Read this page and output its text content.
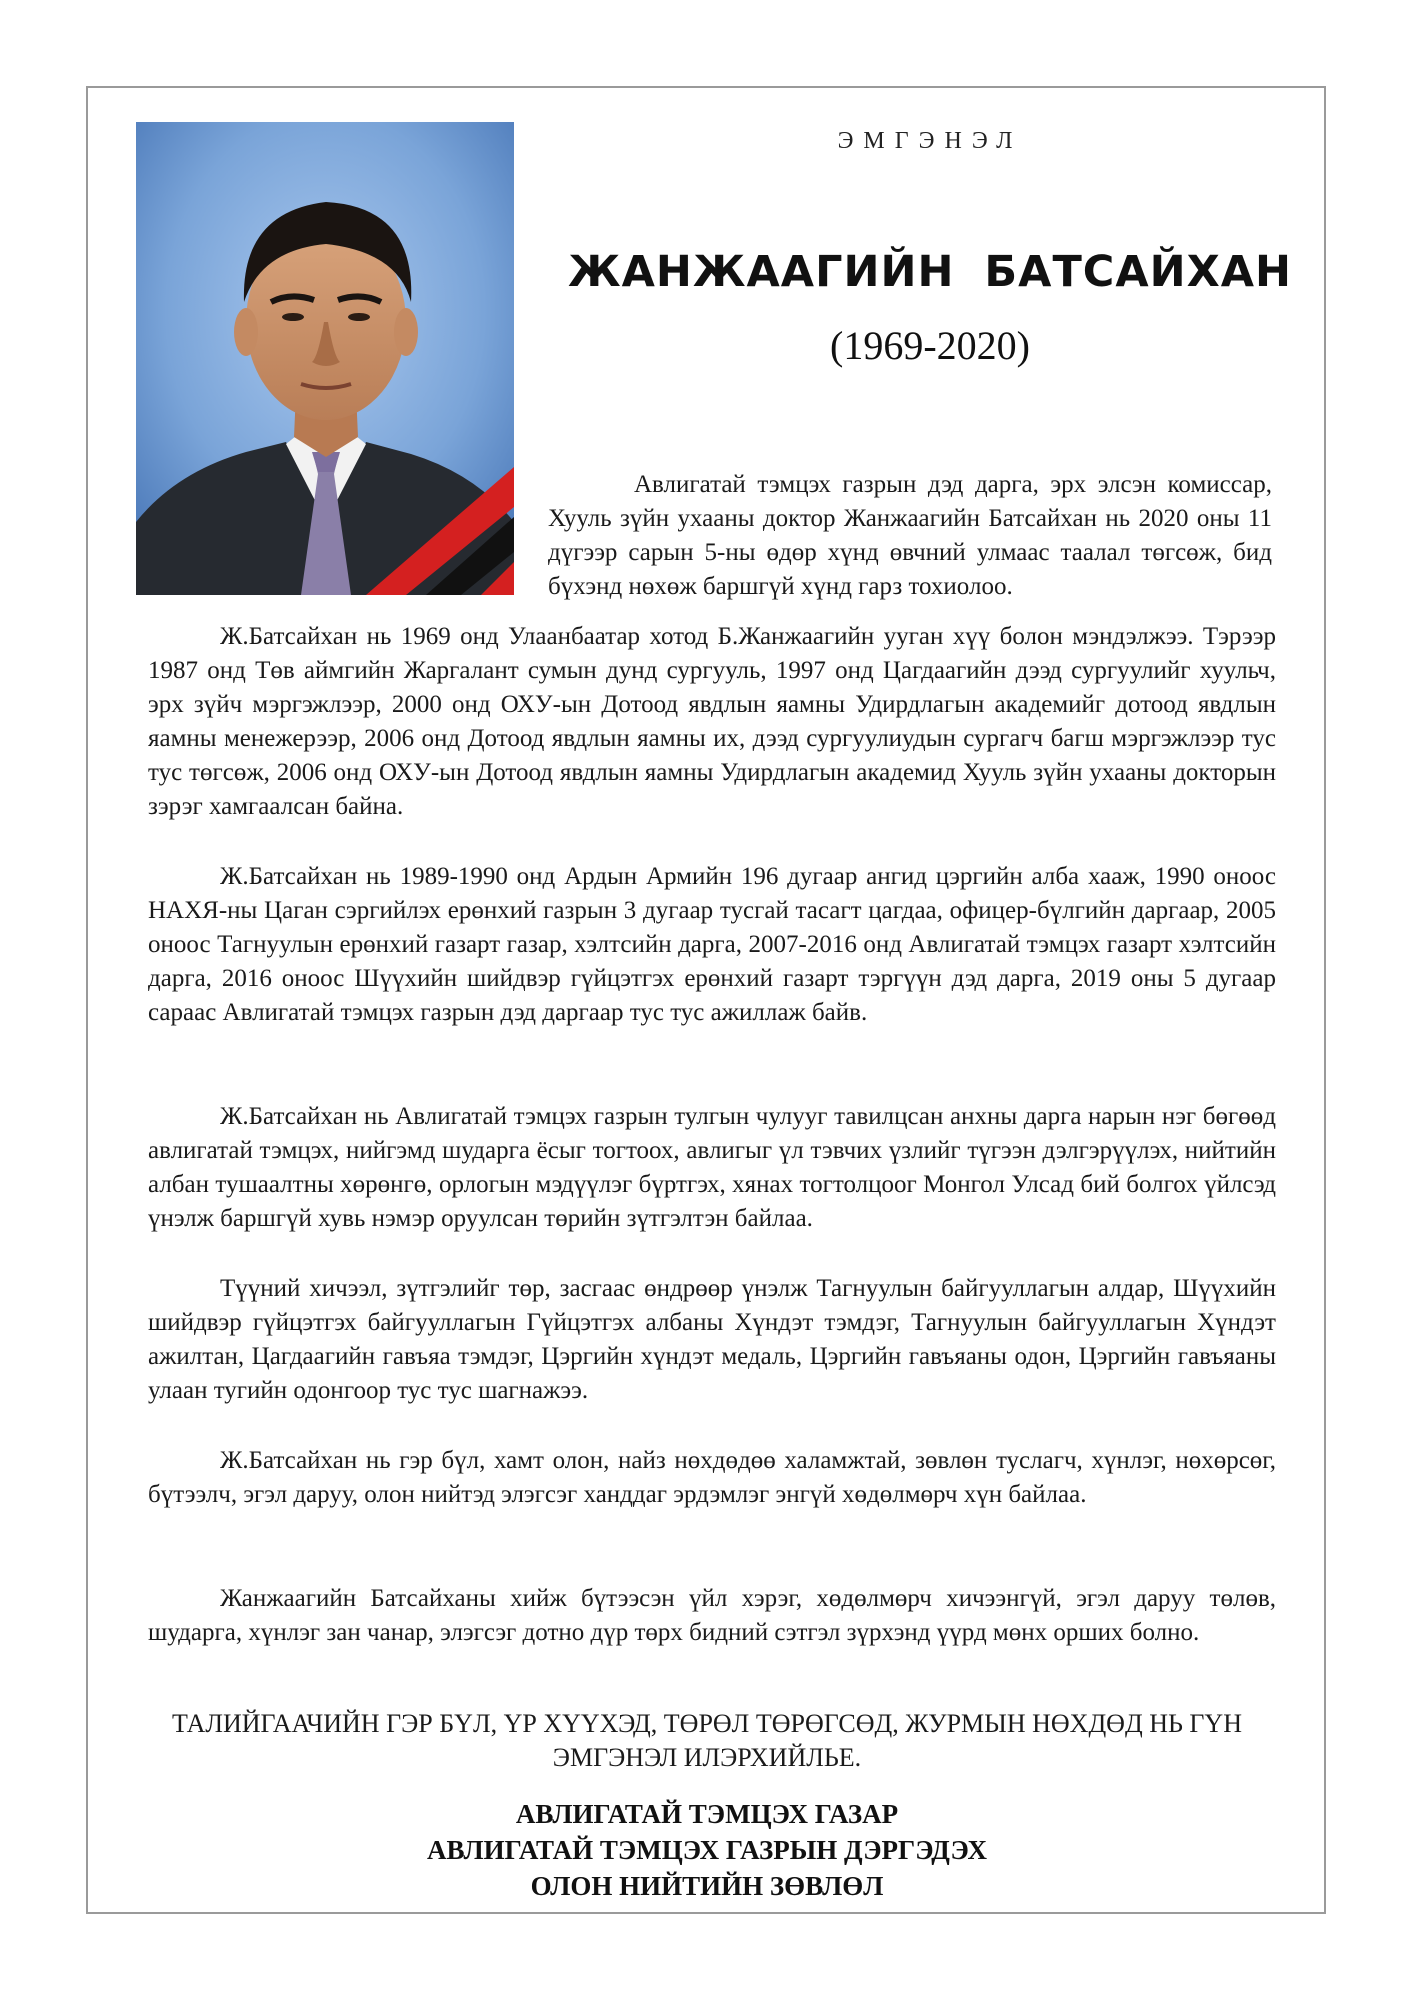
ЭМГЭНЭЛ
ЖАНЖААГИЙН БАТСАЙХАН
(1969-2020)
Авлигатай тэмцэх газрын дэд дарга, эрх элсэн комиссар, Хууль зүйн ухааны доктор Жанжаагийн Батсайхан нь 2020 оны 11 дүгээр сарын 5-ны өдөр хүнд өвчний улмаас таалал төгсөж, бид бүхэнд нөхөж баршгүй хүнд гарз тохиолоо.
Ж.Батсайхан нь 1969 онд Улаанбаатар хотод Б.Жанжаагийн ууган хүү болон мэндэлжээ. Тэрээр 1987 онд Төв аймгийн Жаргалант сумын дунд сургууль, 1997 онд Цагдаагийн дээд сургуулийг хуульч, эрх зүйч мэргэжлээр, 2000 онд ОХУ-ын Дотоод явдлын яамны Удирдлагын академийг дотоод явдлын яамны менежерээр, 2006 онд Дотоод явдлын яамны их, дээд сургуулиудын сургагч багш мэргэжлээр тус тус төгсөж, 2006 онд ОХУ-ын Дотоод явдлын яамны Удирдлагын академид Хууль зүйн ухааны докторын зэрэг хамгаалсан байна.
Ж.Батсайхан нь 1989-1990 онд Ардын Армийн 196 дугаар ангид цэргийн алба хааж, 1990 оноос НАХЯ-ны Цаган сэргийлэх ерөнхий газрын 3 дугаар тусгай тасагт цагдаа, офицер-бүлгийн даргаар, 2005 оноос Тагнуулын ерөнхий газарт газар, хэлтсийн дарга, 2007-2016 онд Авлигатай тэмцэх газарт хэлтсийн дарга, 2016 оноос Шүүхийн шийдвэр гүйцэтгэх ерөнхий газарт тэргүүн дэд дарга, 2019 оны 5 дугаар сараас Авлигатай тэмцэх газрын дэд даргаар тус тус ажиллаж байв.
Ж.Батсайхан нь Авлигатай тэмцэх газрын тулгын чулууг тавилцсан анхны дарга нарын нэг бөгөөд авлигатай тэмцэх, нийгэмд шударга ёсыг тогтоох, авлигыг үл тэвчих үзлийг түгээн дэлгэрүүлэх, нийтийн албан тушаалтны хөрөнгө, орлогын мэдүүлэг бүртгэх, хянах тогтолцоог Монгол Улсад бий болгох үйлсэд үнэлж баршгүй хувь нэмэр оруулсан төрийн зүтгэлтэн байлаа.
Түүний хичээл, зүтгэлийг төр, засгаас өндрөөр үнэлж Тагнуулын байгууллагын алдар, Шүүхийн шийдвэр гүйцэтгэх байгууллагын Гүйцэтгэх албаны Хүндэт тэмдэг, Тагнуулын байгууллагын Хүндэт ажилтан, Цагдаагийн гавъяа тэмдэг, Цэргийн хүндэт медаль, Цэргийн гавъяаны одон, Цэргийн гавъяаны улаан тугийн одонгоор тус тус шагнажээ.
Ж.Батсайхан нь гэр бүл, хамт олон, найз нөхдөдөө халамжтай, зөвлөн туслагч, хүнлэг, нөхөрсөг, бүтээлч, эгэл даруу, олон нийтэд элэгсэг ханддаг эрдэмлэг энгүй хөдөлмөрч хүн байлаа.
Жанжаагийн Батсайханы хийж бүтээсэн үйл хэрэг, хөдөлмөрч хичээнгүй, эгэл даруу төлөв, шударга, хүнлэг зан чанар, элэгсэг дотно дүр төрх бидний сэтгэл зүрхэнд үүрд мөнх орших болно.
ТАЛИЙГААЧИЙН ГЭР БҮЛ, ҮР ХҮҮХЭД, ТӨРӨЛ ТӨРӨГСӨД, ЖУРМЫН НӨХДӨД НЬ ГҮН ЭМГЭНЭЛ ИЛЭРХИЙЛЬЕ.
АВЛИГАТАЙ ТЭМЦЭХ ГАЗАР
АВЛИГАТАЙ ТЭМЦЭХ ГАЗРЫН ДЭРГЭДЭХ
ОЛОН НИЙТИЙН ЗӨВЛӨЛ
